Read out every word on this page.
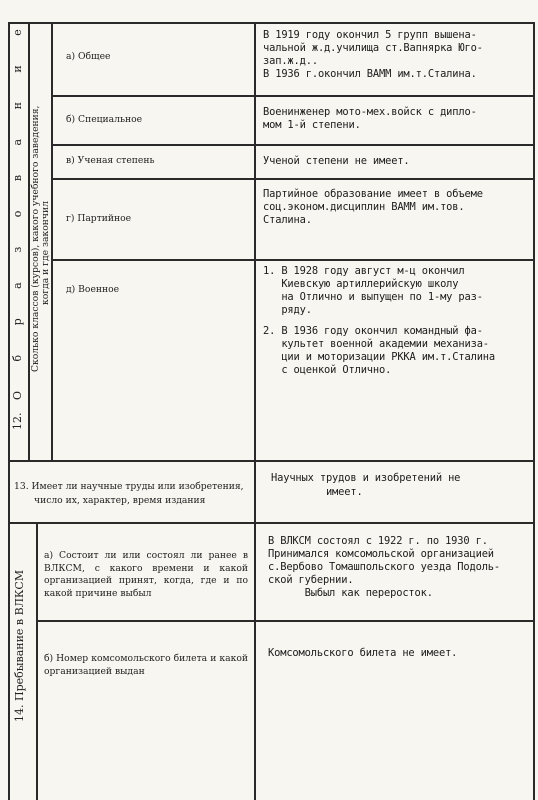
12.
О б р а з о в а н и е Сколько классов (курсов), какого учебного заведения, когда и где закончил
а) Общее
В 1919 году окончил 5 групп вышена-
чальной ж.д.училища ст.Вапнярка Юго-
зап.ж.д..
В 1936 г.окончил ВАММ им.т.Сталина.
б) Специальное
Военинженер мото-мех.войск с дипло-
мом 1-й степени.
в) Ученая степень	Ученой степени не имеет.
г) Партийное
Партийное образование имеет в объеме
соц.эконом.дисциплин ВАММ им.тов.
Сталина.
д) Военное
1. В 1928 году август м-ц окончил
Киевскую артиллерийскую школу
на Отлично и выпущен по 1-му раз-
ряду.
2. В 1936 году окончил командный фа-
культет военной академии механиза-
ции и моторизации РККА им.т.Сталина
с оценкой Отлично.
13. Имеет ли научные труды или изобретения,
число их, характер, время издания
Научных трудов и изобретений не
имеет.
14. Пребывание в ВЛКСМ
а) Состоит ли или состоял ли ранее в ВЛКСМ, с какого времени и какой организацией принят, когда, где и по какой причине выбыл
В ВЛКСМ состоял с 1922 г. по 1930 г.
Принимался комсомольской организацией
с.Вербово Томашпольского уезда Подоль-
ской губернии.
Выбыл как переросток.
б) Номер комсомольского билета и какой организацией выдан
Комсомольского билета не имеет.
